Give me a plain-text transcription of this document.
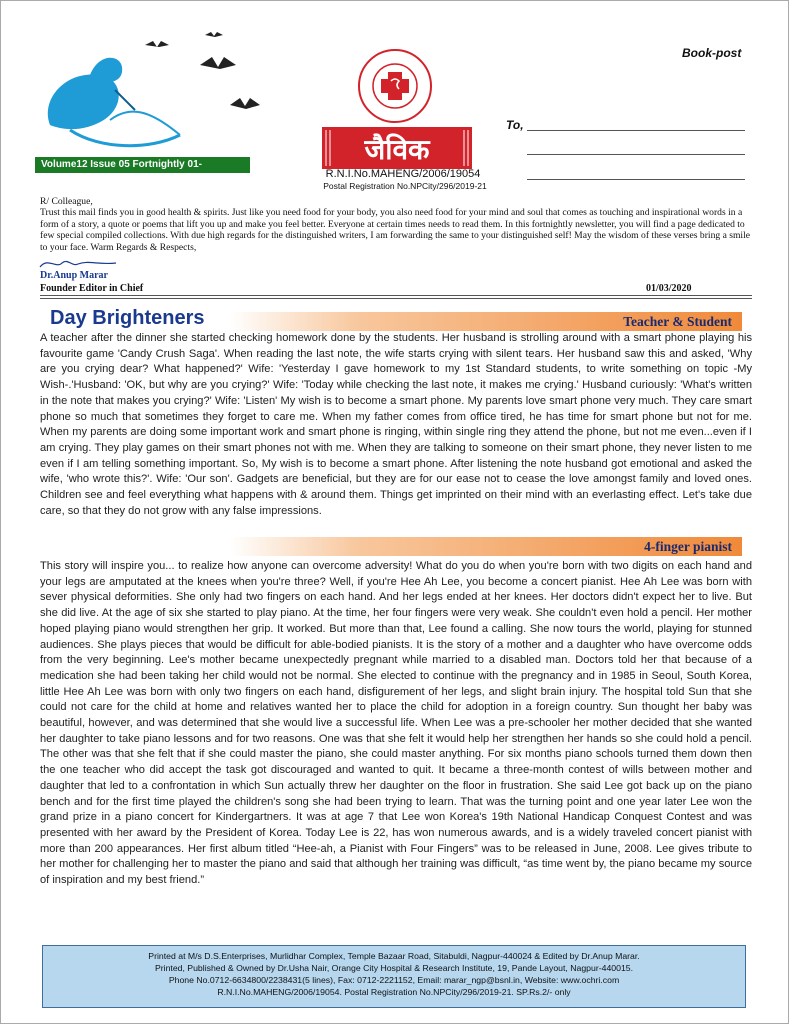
Volume12 Issue 05 Fortnightly 01-15/03/2020
जैविक
R.N.I.No.MAHENG/2006/19054
Postal Registration No.NPCity/296/2019-21
Book-post
To,
R/ Colleague,
Trust this mail finds you in good health & spirits. Just like you need food for your body, you also need food for your mind and soul that comes as touching and inspirational words in a form of a story, a quote or poems that lift you up and make you feel better. Everyone at certain times needs to read them. In this fortnightly newsletter, you will find a page dedicated to few special compiled collections. With due high regards for the distinguished writers, I am forwarding the same to your distinguished self! May the wisdom of these verses bring a smile to your face. Warm Regards & Respects,
Dr.Anup Marar
Founder Editor in Chief	01/03/2020
Teacher & Student
Day Brighteners
A teacher after the dinner she started checking homework done by the students. Her husband is strolling around with a smart phone playing his favourite game 'Candy Crush Saga'. When reading the last note, the wife starts crying with silent tears. Her husband saw this and asked, 'Why are you crying dear? What happened?' Wife: 'Yesterday I gave homework to my 1st Standard students, to write something on topic -My Wish-.'Husband: 'OK, but why are you crying?' Wife: 'Today while checking the last note, it makes me crying.' Husband curiously: 'What's written in the note that makes you crying?' Wife: 'Listen' My wish is to become a smart phone. My parents love smart phone very much. They care smart phone so much that sometimes they forget to care me. When my father comes from office tired, he has time for smart phone but not for me. When my parents are doing some important work and smart phone is ringing, within single ring they attend the phone, but not me even...even if I am crying. They play games on their smart phones not with me. When they are talking to someone on their smart phone, they never listen to me even if I am telling something important. So, My wish is to become a smart phone. After listening the note husband got emotional and asked the wife, 'who wrote this?'. Wife: 'Our son'. Gadgets are beneficial, but they are for our ease not to cease the love amongst family and loved ones. Children see and feel everything what happens with & around them. Things get imprinted on their mind with an everlasting effect. Let's take due care, so that they do not grow with any false impressions.
4-finger pianist
This story will inspire you... to realize how anyone can overcome adversity! What do you do when you're born with two digits on each hand and your legs are amputated at the knees when you're three? Well, if you're Hee Ah Lee, you become a concert pianist. Hee Ah Lee was born with sever physical deformities. She only had two fingers on each hand. And her legs ended at her knees. Her doctors didn't expect her to live. But she did live. At the age of six she started to play piano. At the time, her four fingers were very weak. She couldn't even hold a pencil. Her mother hoped playing piano would strengthen her grip. It worked. But more than that, Lee found a calling. She now tours the world, playing for stunned audiences. She plays pieces that would be difficult for able-bodied pianists. It is the story of a mother and a daughter who have overcome odds from the very beginning. Lee's mother became unexpectedly pregnant while married to a disabled man. Doctors told her that because of a medication she had been taking her child would not be normal. She elected to continue with the pregnancy and in 1985 in Seoul, South Korea, little Hee Ah Lee was born with only two fingers on each hand, disfigurement of her legs, and slight brain injury. The hospital told Sun that she could not care for the child at home and relatives wanted her to place the child for adoption in a foreign country. Sun thought her baby was beautiful, however, and was determined that she would live a successful life. When Lee was a pre-schooler her mother decided that she wanted her daughter to take piano lessons and for two reasons. One was that she felt it would help her strengthen her hands so she could hold a pencil. The other was that she felt that if she could master the piano, she could master anything. For six months piano schools turned them down then the one teacher who did accept the task got discouraged and wanted to quit. It became a three-month contest of wills between mother and daughter that led to a confrontation in which Sun actually threw her daughter on the floor in frustration. She said Lee got back up on the piano bench and for the first time played the children's song she had been trying to learn. That was the turning point and one year later Lee won the grand prize in a piano concert for Kindergartners. It was at age 7 that Lee won Korea's 19th National Handicap Conquest Contest and was presented with her award by the President of Korea. Today Lee is 22, has won numerous awards, and is a widely traveled concert pianist with more than 200 appearances. Her first album titled “Hee-ah, a Pianist with Four Fingers” was to be released in June, 2008. Lee gives tribute to her mother for challenging her to master the piano and said that although her training was difficult, “as time went by, the piano became my source of inspiration and my best friend.”
Printed at M/s D.S.Enterprises, Murlidhar Complex, Temple Bazaar Road, Sitabuldi, Nagpur-440024 & Edited by Dr.Anup Marar.
Printed, Published & Owned by Dr.Usha Nair, Orange City Hospital & Research Institute, 19, Pande Layout, Nagpur-440015.
Phone No.0712-6634800/2238431(5 lines), Fax: 0712-2221152, Email: marar_ngp@bsnl.in, Website: www.ochri.com
R.N.I.No.MAHENG/2006/19054. Postal Registration No.NPCity/296/2019-21. SP.Rs.2/- only
